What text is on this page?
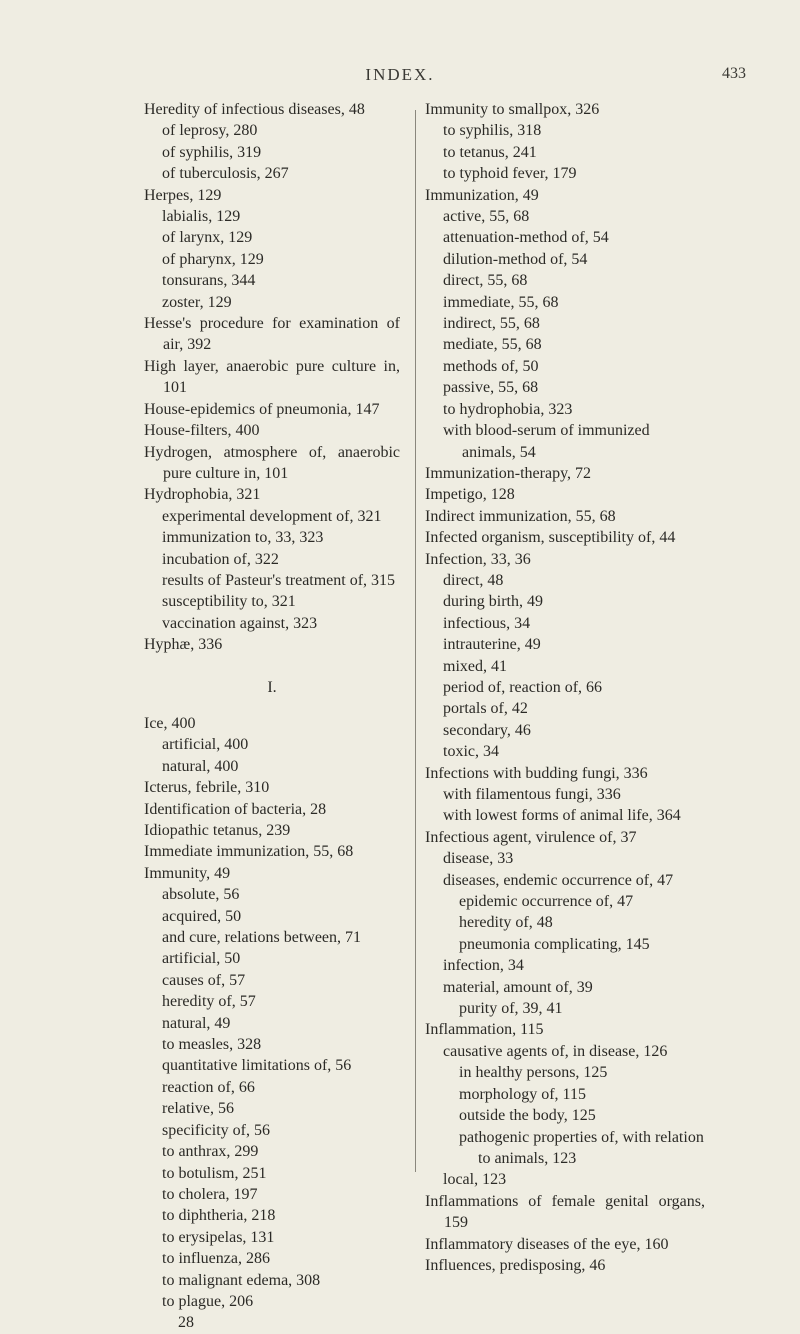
INDEX.	433
Heredity of infectious diseases, 48
of leprosy, 280
of syphilis, 319
of tuberculosis, 267
Herpes, 129
labialis, 129
of larynx, 129
of pharynx, 129
tonsurans, 344
zoster, 129
Hesse's procedure for examination of air, 392
High layer, anaerobic pure culture in, 101
House-epidemics of pneumonia, 147
House-filters, 400
Hydrogen, atmosphere of, anaerobic pure culture in, 101
Hydrophobia, 321
experimental development of, 321
immunization to, 33, 323
incubation of, 322
results of Pasteur's treatment of, 315
susceptibility to, 321
vaccination against, 323
Hyphæ, 336
I.
Ice, 400
artificial, 400
natural, 400
Icterus, febrile, 310
Identification of bacteria, 28
Idiopathic tetanus, 239
Immediate immunization, 55, 68
Immunity, 49
absolute, 56
acquired, 50
and cure, relations between, 71
artificial, 50
causes of, 57
heredity of, 57
natural, 49
to measles, 328
quantitative limitations of, 56
reaction of, 66
relative, 56
specificity of, 56
to anthrax, 299
to botulism, 251
to cholera, 197
to diphtheria, 218
to erysipelas, 131
to influenza, 286
to malignant edema, 308
to plague, 206
28
Immunity to smallpox, 326
to syphilis, 318
to tetanus, 241
to typhoid fever, 179
Immunization, 49
active, 55, 68
attenuation-method of, 54
dilution-method of, 54
direct, 55, 68
immediate, 55, 68
indirect, 55, 68
mediate, 55, 68
methods of, 50
passive, 55, 68
to hydrophobia, 323
with blood-serum of immunized animals, 54
Immunization-therapy, 72
Impetigo, 128
Indirect immunization, 55, 68
Infected organism, susceptibility of, 44
Infection, 33, 36
direct, 48
during birth, 49
infectious, 34
intrauterine, 49
mixed, 41
period of, reaction of, 66
portals of, 42
secondary, 46
toxic, 34
Infections with budding fungi, 336
with filamentous fungi, 336
with lowest forms of animal life, 364
Infectious agent, virulence of, 37
disease, 33
diseases, endemic occurrence of, 47
epidemic occurrence of, 47
heredity of, 48
pneumonia complicating, 145
infection, 34
material, amount of, 39
purity of, 39, 41
Inflammation, 115
causative agents of, in disease, 126
in healthy persons, 125
morphology of, 115
outside the body, 125
pathogenic properties of, with relation to animals, 123
local, 123
Inflammations of female genital organs, 159
Inflammatory diseases of the eye, 160
Influences, predisposing, 46
